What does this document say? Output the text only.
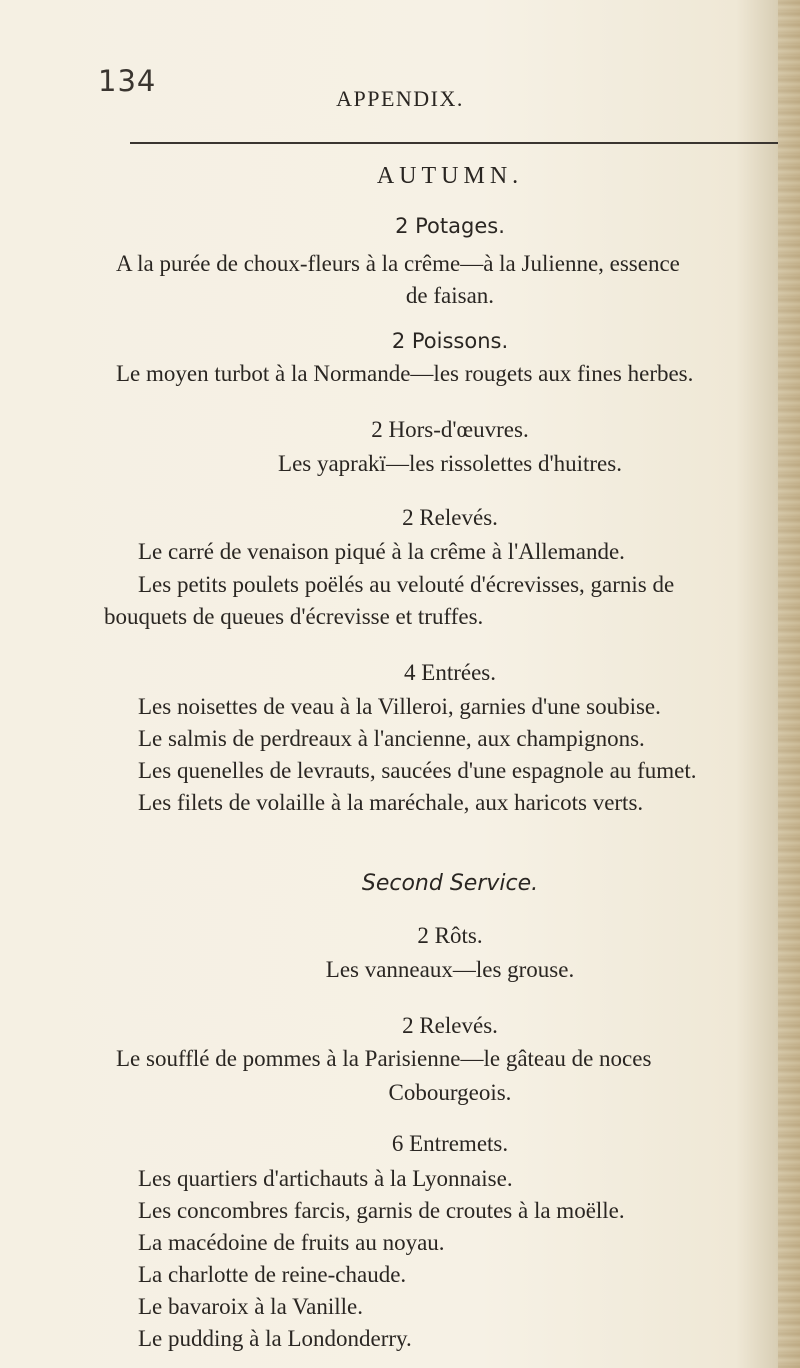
134
APPENDIX.
AUTUMN.
2 Potages.
A la purée de choux-fleurs à la crême—à la Julienne, essence
de faisan.
2 Poissons.
Le moyen turbot à la Normande—les rougets aux fines herbes.
2 Hors-d'œuvres.
Les yaprakï—les rissolettes d'huitres.
2 Relevés.
Le carré de venaison piqué à la crême à l'Allemande.
Les petits poulets poëlés au velouté d'écrevisses, garnis de
bouquets de queues d'écrevisse et truffes.
4 Entrées.
Les noisettes de veau à la Villeroi, garnies d'une soubise.
Le salmis de perdreaux à l'ancienne, aux champignons.
Les quenelles de levrauts, saucées d'une espagnole au fumet.
Les filets de volaille à la maréchale, aux haricots verts.
Second Service.
2 Rôts.
Les vanneaux—les grouse.
2 Relevés.
Le soufflé de pommes à la Parisienne—le gâteau de noces
Cobourgeois.
6 Entremets.
Les quartiers d'artichauts à la Lyonnaise.
Les concombres farcis, garnis de croutes à la moëlle.
La macédoine de fruits au noyau.
La charlotte de reine-chaude.
Le bavaroix à la Vanille.
Le pudding à la Londonderry.
